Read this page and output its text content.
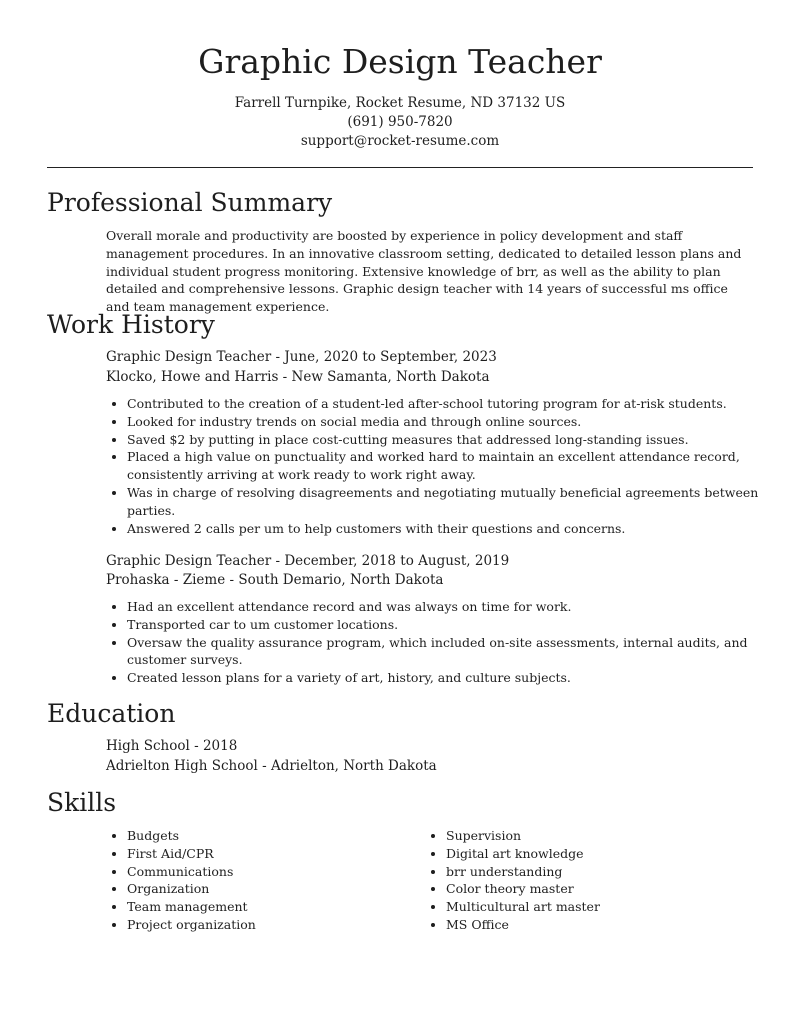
Graphic Design Teacher
Farrell Turnpike, Rocket Resume, ND 37132 US
(691) 950-7820
support@rocket-resume.com
Professional Summary
Overall morale and productivity are boosted by experience in policy development and staff management procedures. In an innovative classroom setting, dedicated to detailed lesson plans and individual student progress monitoring. Extensive knowledge of brr, as well as the ability to plan detailed and comprehensive lessons. Graphic design teacher with 14 years of successful ms office and team management experience.
Work History
Graphic Design Teacher - June, 2020 to September, 2023
Klocko, Howe and Harris - New Samanta, North Dakota
• Contributed to the creation of a student-led after-school tutoring program for at-risk students.
• Looked for industry trends on social media and through online sources.
• Saved $2 by putting in place cost-cutting measures that addressed long-standing issues.
• Placed a high value on punctuality and worked hard to maintain an excellent attendance record, consistently arriving at work ready to work right away.
• Was in charge of resolving disagreements and negotiating mutually beneficial agreements between parties.
• Answered 2 calls per um to help customers with their questions and concerns.
Graphic Design Teacher - December, 2018 to August, 2019
Prohaska - Zieme - South Demario, North Dakota
• Had an excellent attendance record and was always on time for work.
• Transported car to um customer locations.
• Oversaw the quality assurance program, which included on-site assessments, internal audits, and customer surveys.
• Created lesson plans for a variety of art, history, and culture subjects.
Education
High School - 2018
Adrielton High School - Adrielton, North Dakota
Skills
• Budgets
• First Aid/CPR
• Communications
• Organization
• Team management
• Project organization
• Supervision
• Digital art knowledge
• brr understanding
• Color theory master
• Multicultural art master
• MS Office
